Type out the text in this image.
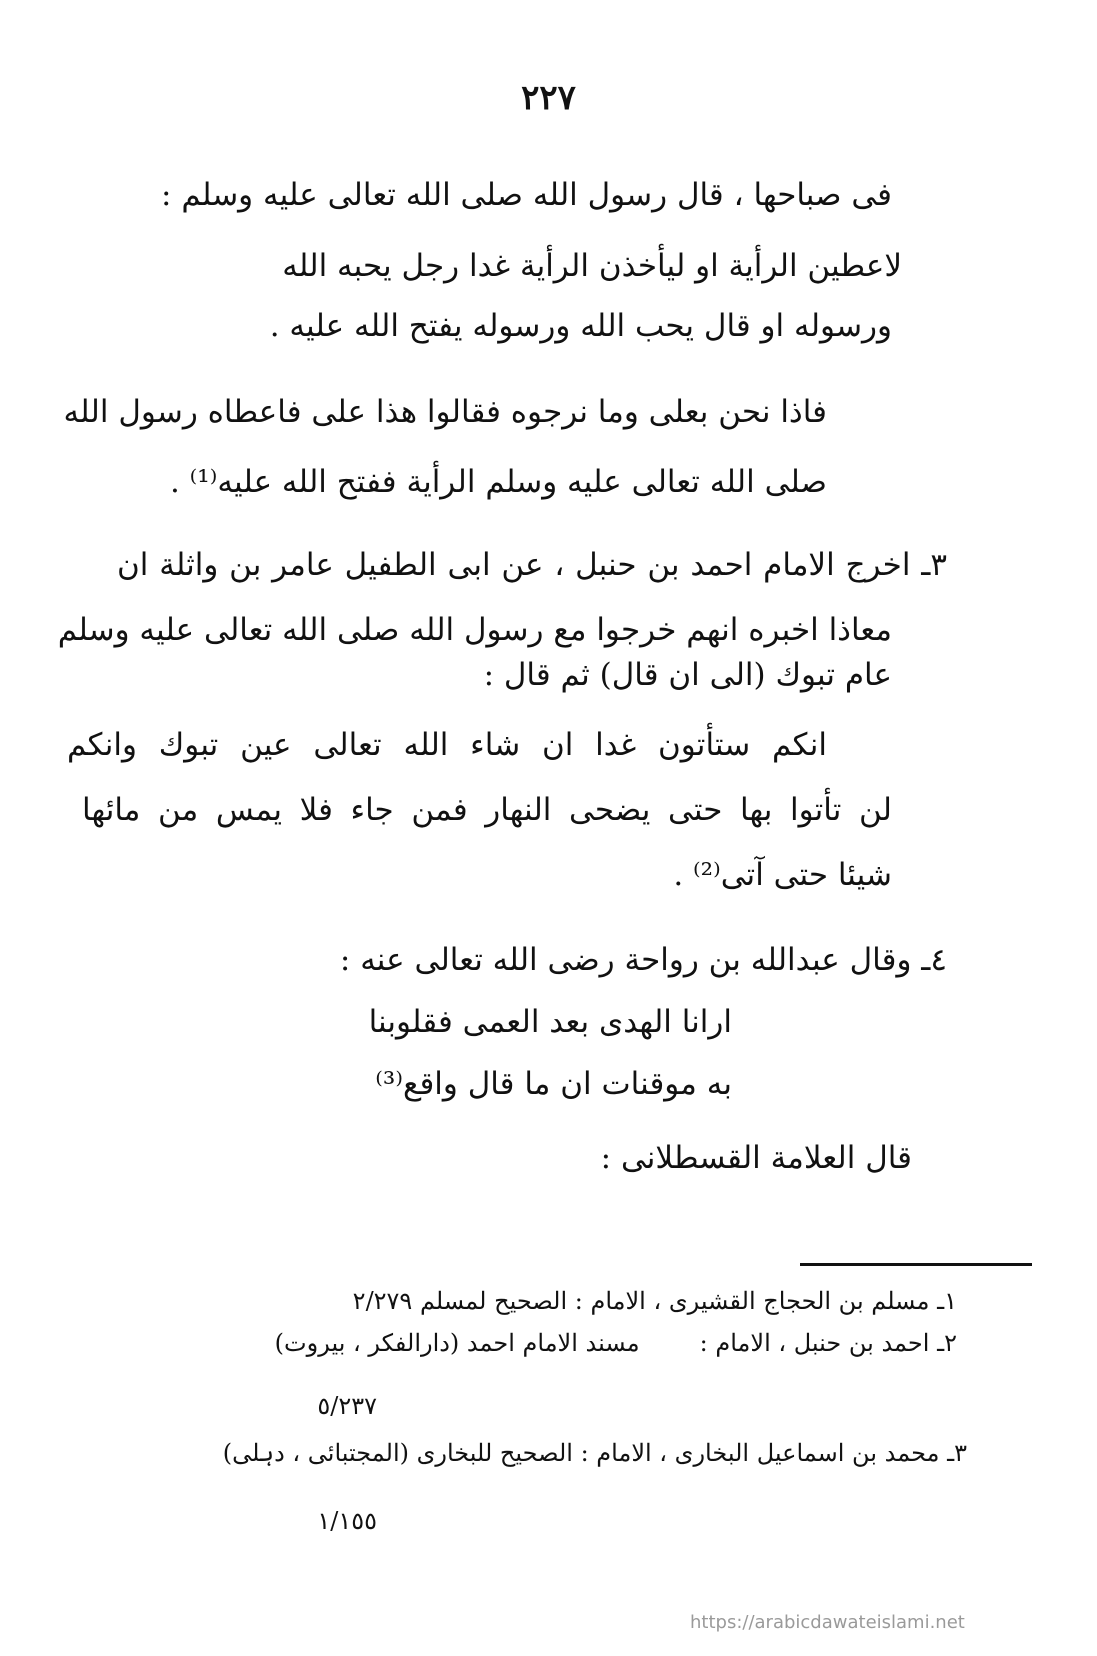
٢٢٧
فى صباحها ، قال رسول الله صلى الله تعالى عليه وسلم :
لاعطين الرأية او ليأخذن الرأية غدا رجل يحبه الله
ورسوله او قال يحب الله ورسوله يفتح الله عليه .
فاذا نحن بعلى وما نرجوه فقالوا هذا على فاعطاه رسول الله
صلى الله تعالى عليه وسلم الرأية ففتح الله عليه⁽¹⁾ .
٣ـ اخرج الامام احمد بن حنبل ، عن ابى الطفيل عامر بن واثلة ان
معاذا اخبره انهم خرجوا مع رسول الله صلى الله تعالى عليه وسلم
عام تبوك (الى ان قال) ثم قال :
انكم ستأتون غدا ان شاء الله تعالى عين تبوك وانكم
لن تأتوا بها حتى يضحى النهار فمن جاء فلا يمس من مائها
شيئا حتى آتى⁽²⁾ .
٤ـ وقال عبدالله بن رواحة رضى الله تعالى عنه :
ارانا الهدى بعد العمى فقلوبنا
به موقنات ان ما قال واقع⁽³⁾
قال العلامة القسطلانى :
١ـ مسلم بن الحجاج القشيرى ، الامام : الصحيح لمسلم ٢/٢٧٩
٢ـ احمد بن حنبل ، الامام :مسند الامام احمد (دارالفكر ، بيروت)
٥/٢٣٧
٣ـ محمد بن اسماعيل البخارى ، الامام : الصحيح للبخارى (المجتبائى ، دہلی)
١/١٥٥
https://arabicdawateislami.net
